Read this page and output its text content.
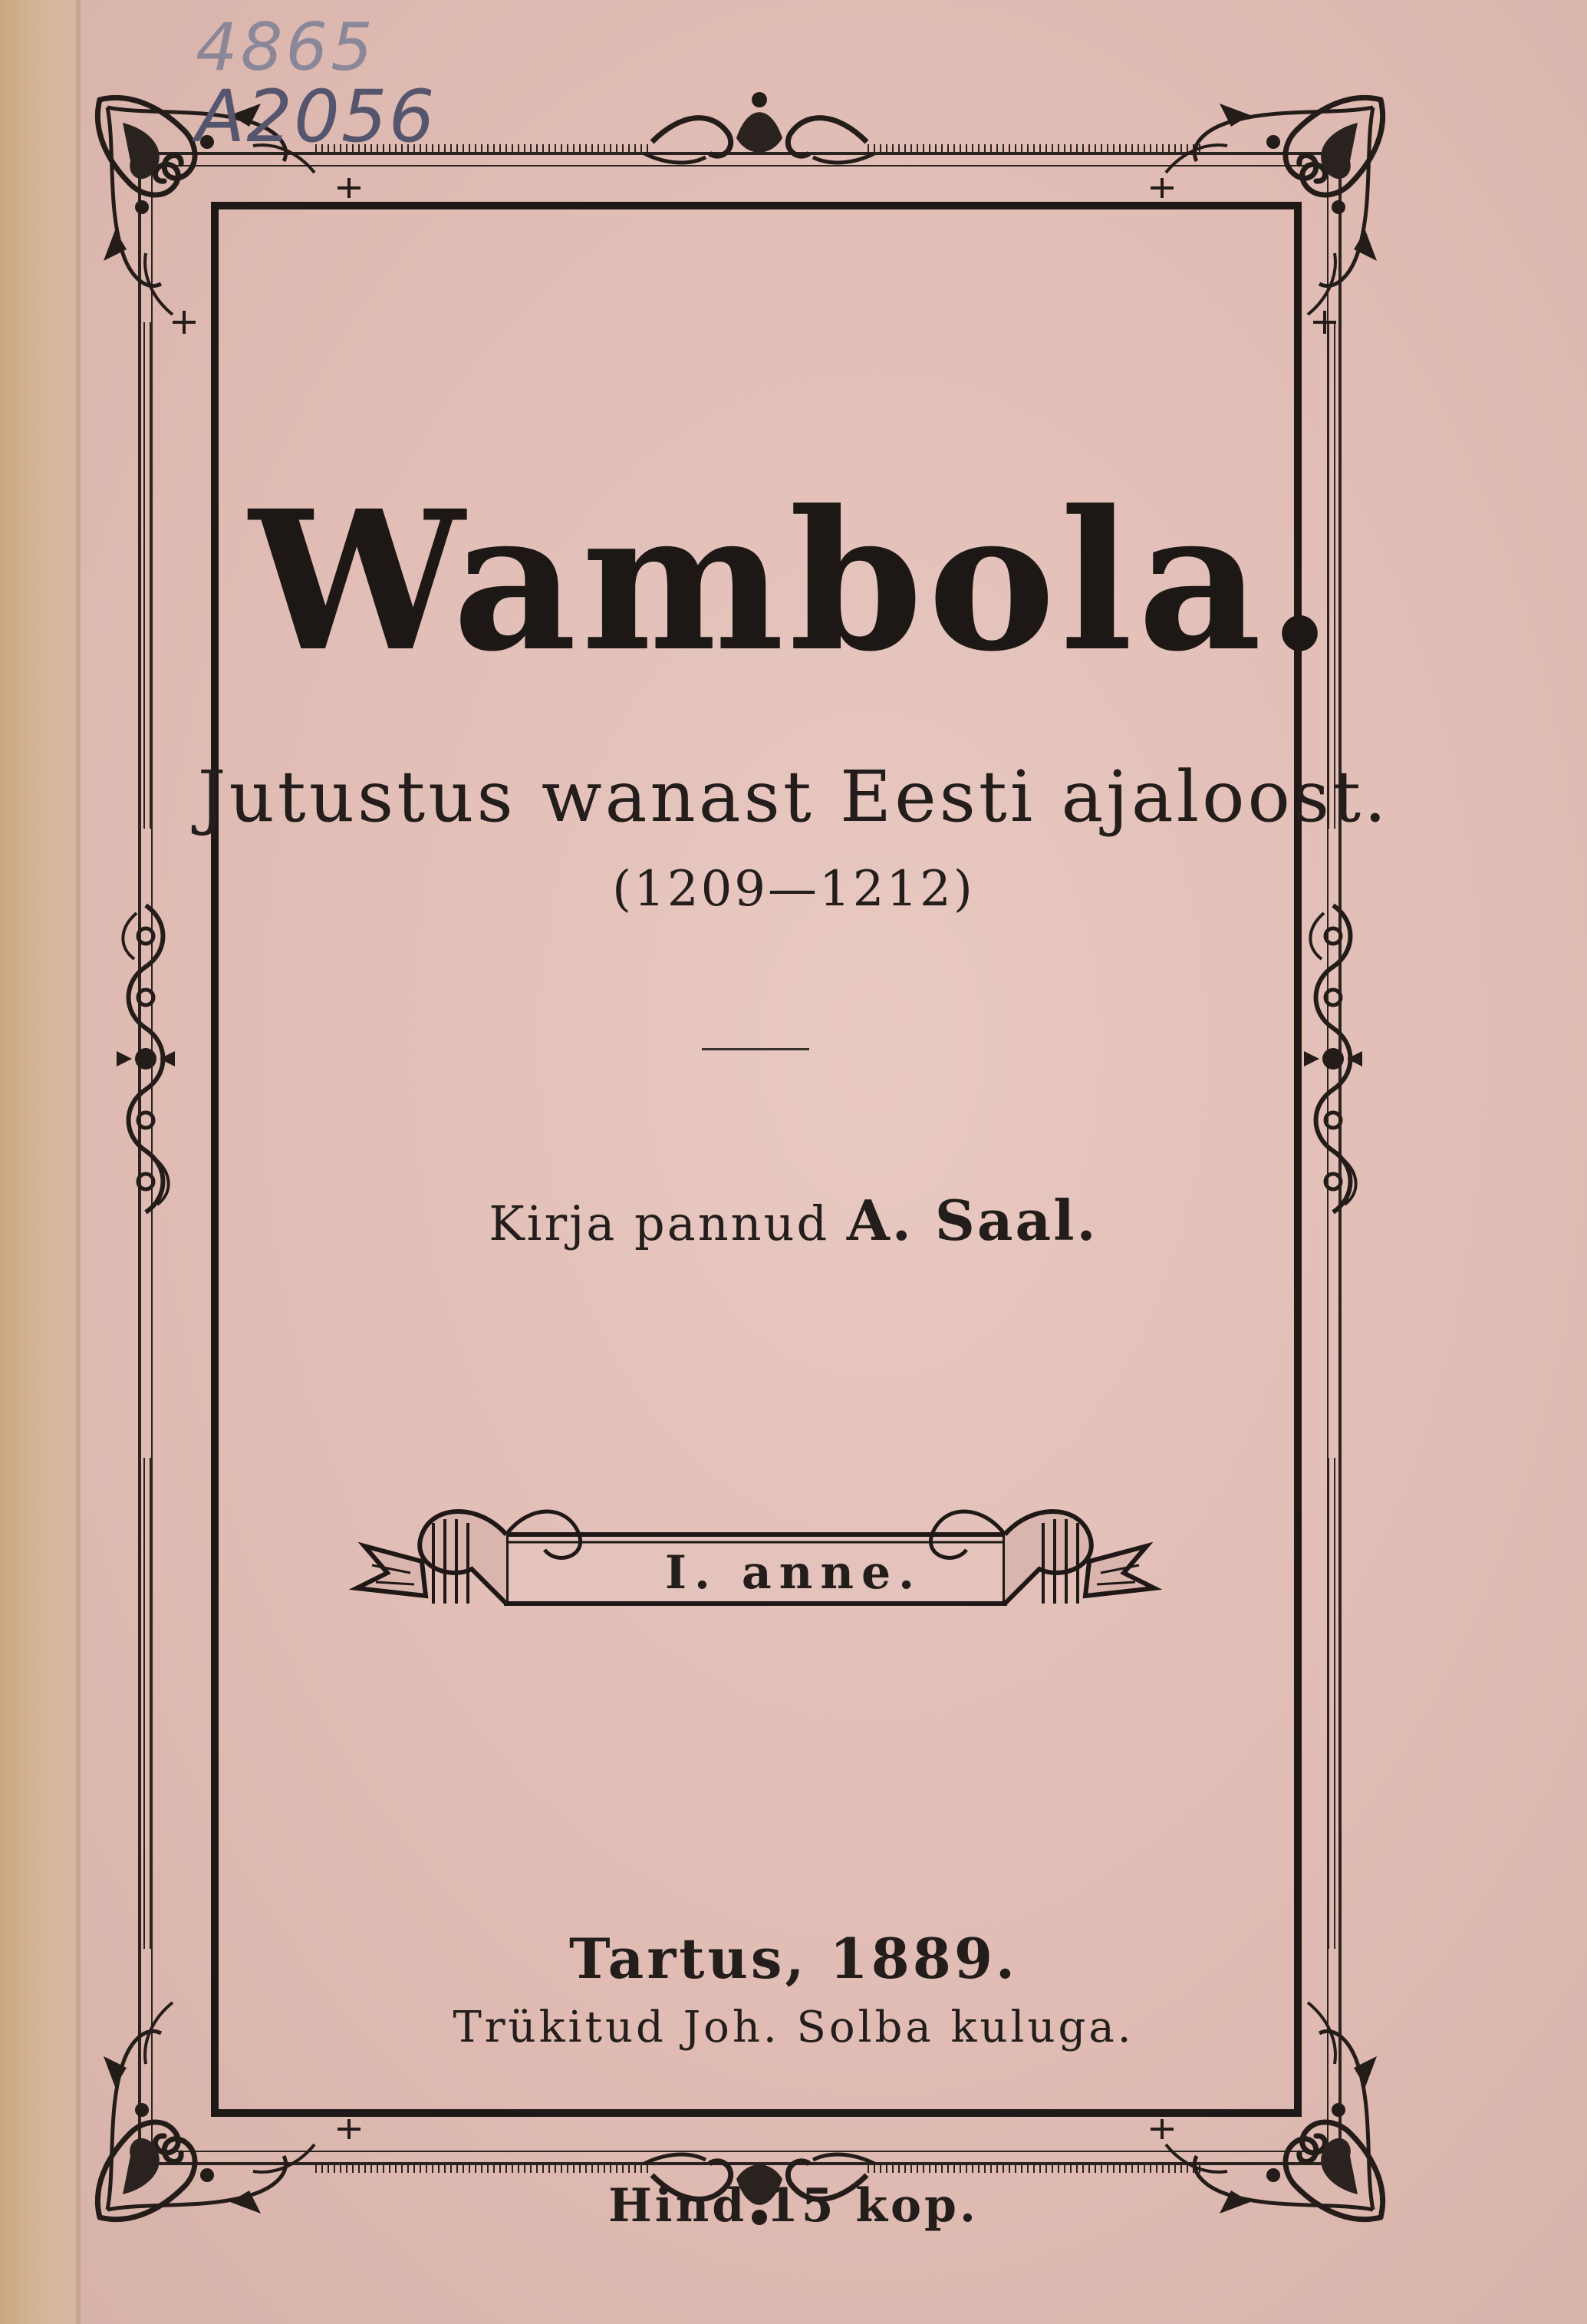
4865
A2056
Wambola.
Jutustus wanast Eesti ajaloost.
(1209—1212)
Kirja pannud A. Saal.
I. anne.
Tartus, 1889.
Trükitud Joh. Solba kuluga.
Hind 15 kop.
